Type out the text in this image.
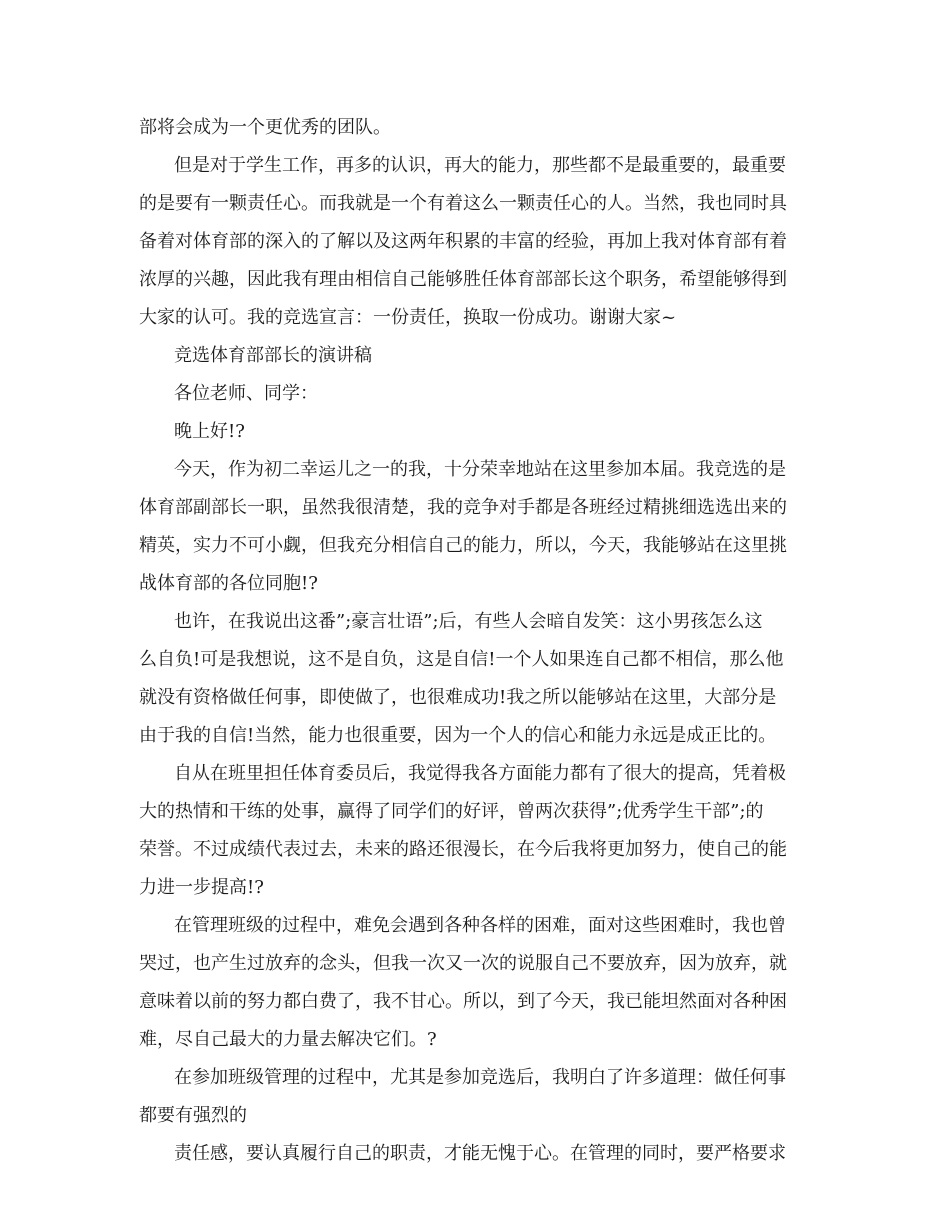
部将会成为一个更优秀的团队。
但是对于学生工作，再多的认识，再大的能力，那些都不是最重要的，最重要
的是要有一颗责任心。而我就是一个有着这么一颗责任心的人。当然，我也同时具
备着对体育部的深入的了解以及这两年积累的丰富的经验，再加上我对体育部有着
浓厚的兴趣，因此我有理由相信自己能够胜任体育部部长这个职务，希望能够得到
大家的认可。我的竞选宣言：一份责任，换取一份成功。谢谢大家~
竞选体育部部长的演讲稿
各位老师、同学：
晚上好!?
今天，作为初二幸运儿之一的我，十分荣幸地站在这里参加本届。我竞选的是
体育部副部长一职，虽然我很清楚，我的竞争对手都是各班经过精挑细选选出来的
精英，实力不可小觑，但我充分相信自己的能力，所以，今天，我能够站在这里挑
战体育部的各位同胞!?
也许，在我说出这番”;豪言壮语”;后，有些人会暗自发笑：这小男孩怎么这
么自负!可是我想说，这不是自负，这是自信!一个人如果连自己都不相信，那么他
就没有资格做任何事，即使做了，也很难成功!我之所以能够站在这里，大部分是
由于我的自信!当然，能力也很重要，因为一个人的信心和能力永远是成正比的。
自从在班里担任体育委员后，我觉得我各方面能力都有了很大的提高，凭着极
大的热情和干练的处事，赢得了同学们的好评，曾两次获得”;优秀学生干部”;的
荣誉。不过成绩代表过去，未来的路还很漫长，在今后我将更加努力，使自己的能
力进一步提高!?
在管理班级的过程中，难免会遇到各种各样的困难，面对这些困难时，我也曾
哭过，也产生过放弃的念头，但我一次又一次的说服自己不要放弃，因为放弃，就
意味着以前的努力都白费了，我不甘心。所以，到了今天，我已能坦然面对各种困
难，尽自己最大的力量去解决它们。?
在参加班级管理的过程中，尤其是参加竞选后，我明白了许多道理：做任何事
都要有强烈的
责任感，要认真履行自己的职责，才能无愧于心。在管理的同时，要严格要求
